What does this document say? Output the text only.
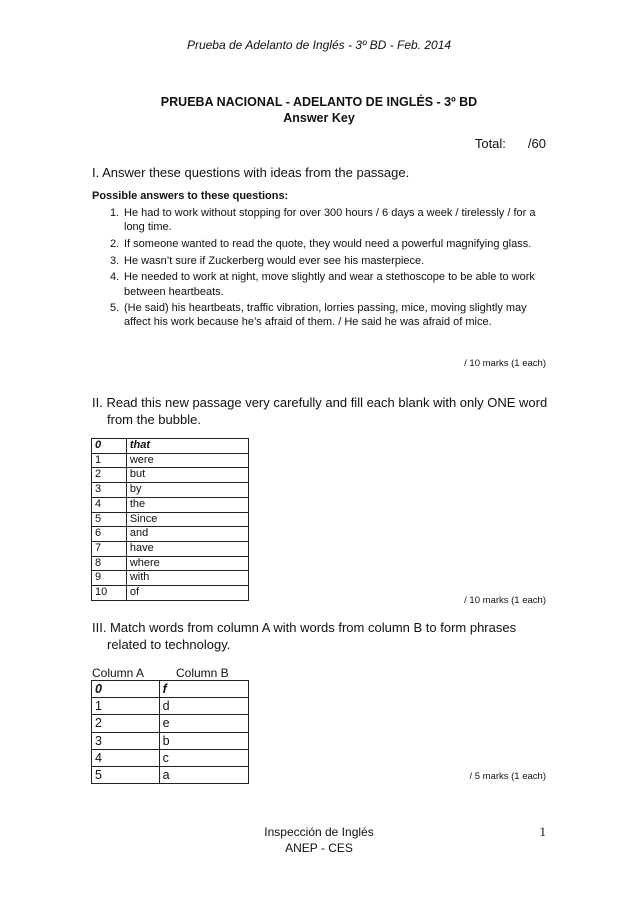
Prueba de Adelanto de Inglés - 3º BD - Feb. 2014
PRUEBA NACIONAL - ADELANTO DE INGLÉS - 3º BD
Answer Key
Total: /60
I. Answer these questions with ideas from the passage.
Possible answers to these questions:
1. He had to work without stopping for over 300 hours / 6 days a week / tirelessly / for a long time.
2. If someone wanted to read the quote, they would need a powerful magnifying glass.
3. He wasn’t sure if Zuckerberg would ever see his masterpiece.
4. He needed to work at night, move slightly and wear a stethoscope to be able to work between heartbeats.
5. (He said) his heartbeats, traffic vibration, lorries passing, mice, moving slightly may affect his work because he’s afraid of them. / He said he was afraid of mice.
/ 10 marks (1 each)
II. Read this new passage very carefully and fill each blank with only ONE word
from the bubble.
0	that
1	were
2	but
3	by
4	the
5	Since
6	and
7	have
8	where
9	with
10	of
/ 10 marks (1 each)
III. Match words from column A with words from column B to form phrases
related to technology.
Column A	Column B
0	f
1	d
2	e
3	b
4	c
5	a	/ 5 marks (1 each)
Inspección de Inglés
ANEP - CES
1
